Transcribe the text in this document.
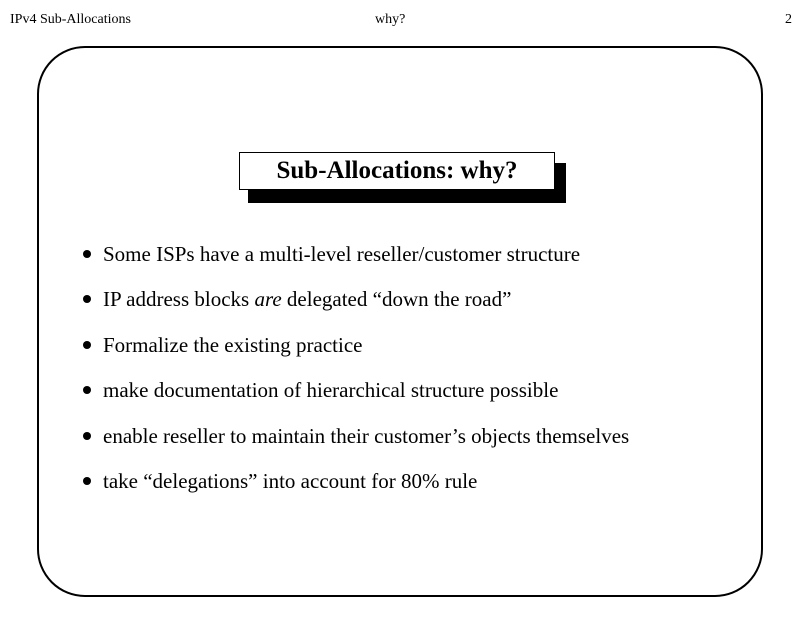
IPv4 Sub-Allocations	why?	2
Sub-Allocations: why?
Some ISPs have a multi-level reseller/customer structure
IP address blocks are delegated “down the road”
Formalize the existing practice
make documentation of hierarchical structure possible
enable reseller to maintain their customer’s objects themselves
take “delegations” into account for 80% rule
